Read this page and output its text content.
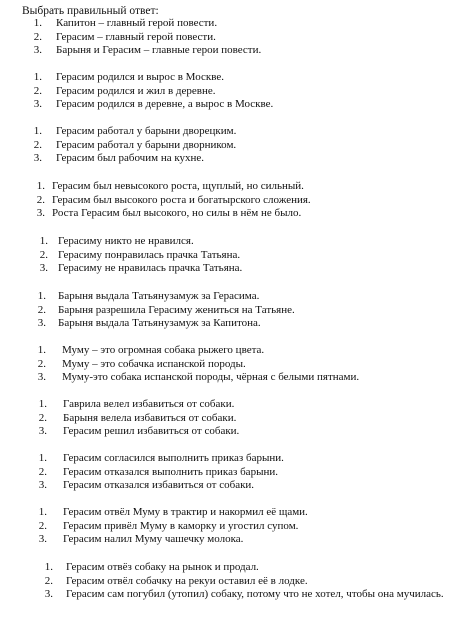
Выбрать правильный ответ:
1. Капитон – главный герой повести.
2. Герасим – главный герой повести.
3. Барыня и Герасим – главные герои повести.
1. Герасим родился и вырос в Москве.
2. Герасим родился и жил в деревне.
3. Герасим родился в деревне, а вырос в Москве.
1. Герасим работал у барыни дворецким.
2. Герасим работал у барыни дворником.
3. Герасим был рабочим на кухне.
1. Герасим был невысокого роста, щуплый, но сильный.
2. Герасим был высокого роста и богатырского сложения.
3. Роста Герасим был высокого, но силы в нём не было.
1. Герасиму никто не нравился.
2. Герасиму понравилась прачка Татьяна.
3. Герасиму не нравилась прачка Татьяна.
1. Барыня выдала Татьянузамуж за Герасима.
2. Барыня разрешила Герасиму жениться на Татьяне.
3. Барыня выдала Татьянузамуж за Капитона.
1. Муму – это огромная собака рыжего цвета.
2. Муму – это собачка испанской породы.
3. Муму-это собака испанской породы, чёрная с белыми пятнами.
1. Гаврила велел избавиться от собаки.
2. Барыня велела избавиться от собаки.
3. Герасим решил избавиться от собаки.
1. Герасим согласился выполнить приказ барыни.
2. Герасим отказался выполнить приказ барыни.
3. Герасим отказался избавиться от собаки.
1. Герасим отвёл Муму в трактир и накормил её щами.
2. Герасим привёл Муму в каморку и угостил супом.
3. Герасим налил Муму чашечку молока.
1. Герасим отвёз собаку на рынок и продал.
2. Герасим отвёл собачку на рекуи оставил её в лодке.
3. Герасим сам погубил (утопил) собаку, потому что не хотел, чтобы она мучилась.
